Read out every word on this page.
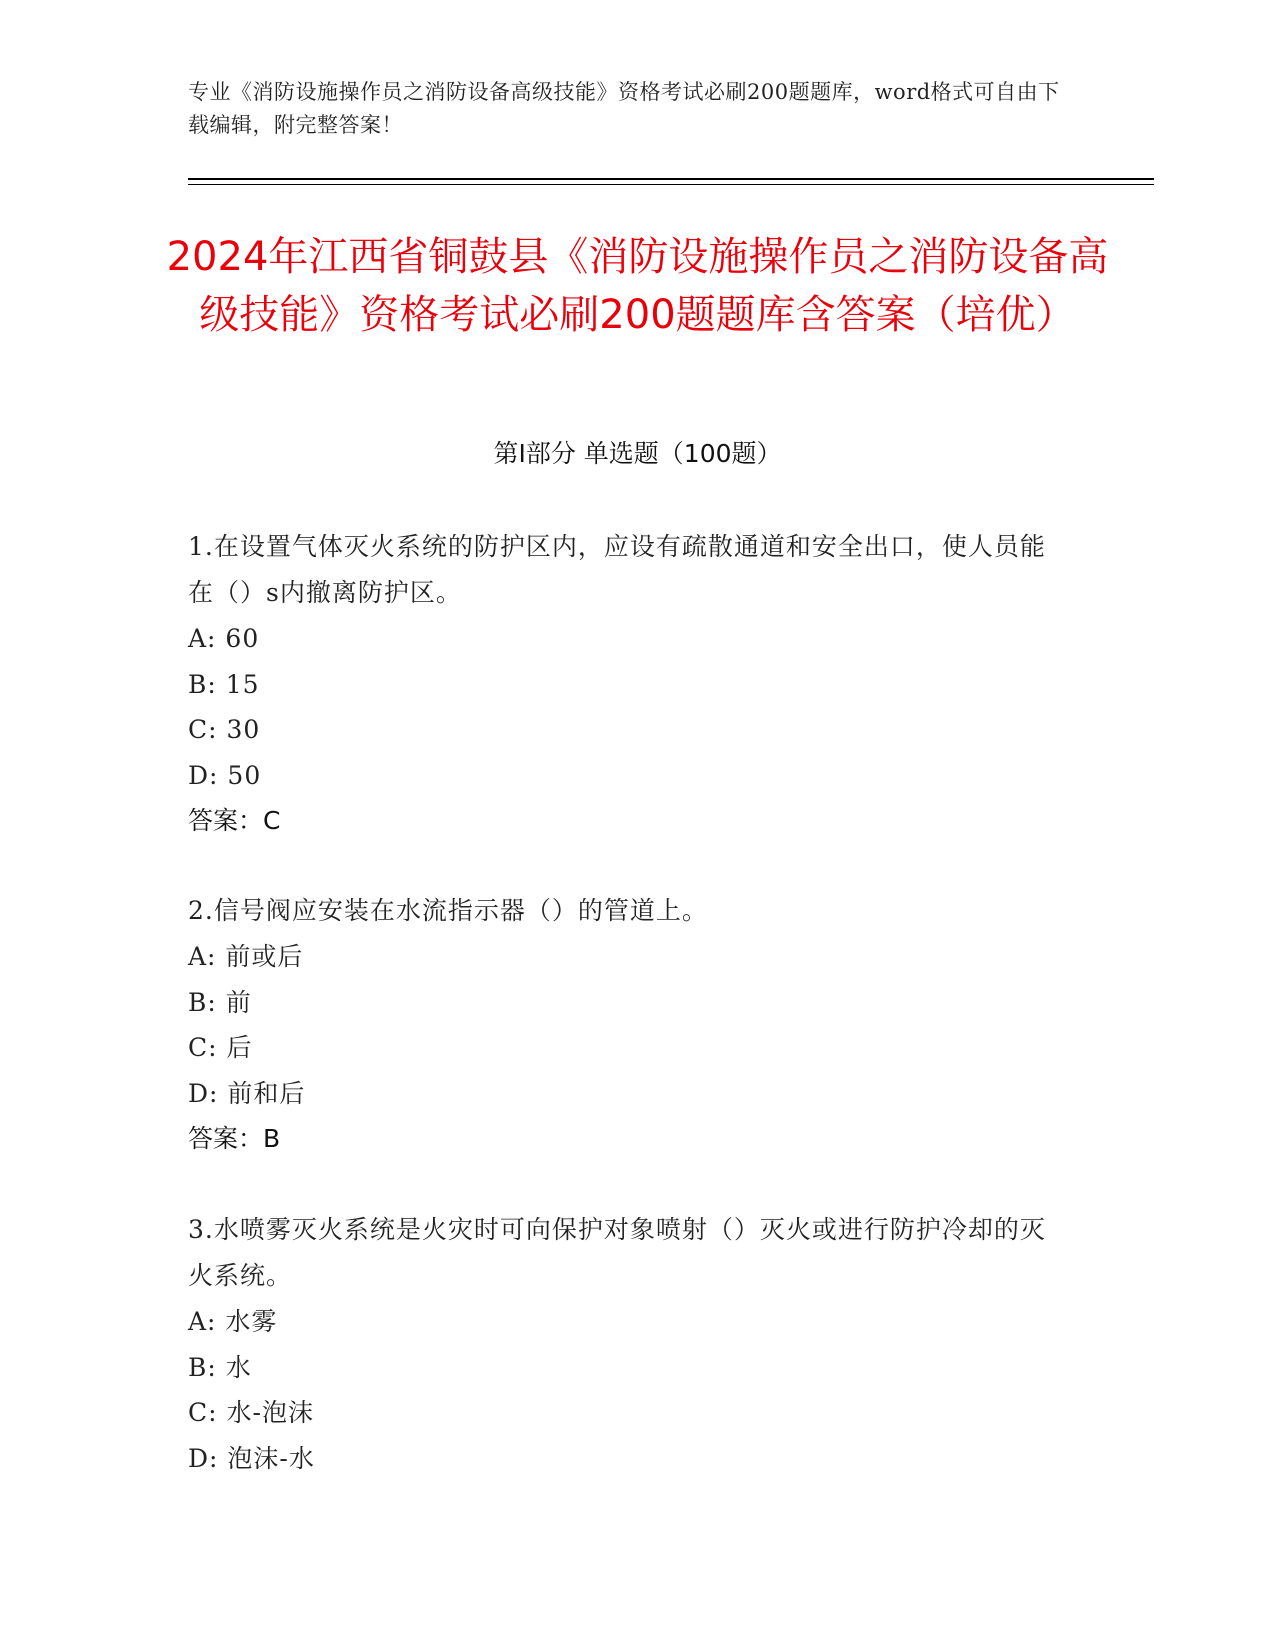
专业《消防设施操作员之消防设备高级技能》资格考试必刷200题题库，word格式可自由下载编辑，附完整答案！
2024年江西省铜鼓县《消防设施操作员之消防设备高级技能》资格考试必刷200题题库含答案（培优）
第Ⅰ部分 单选题（100题）
1.在设置气体灭火系统的防护区内，应设有疏散通道和安全出口，使人员能在（）s内撤离防护区。
A: 60
B: 15
C: 30
D: 50
答案：C
2.信号阀应安装在水流指示器（）的管道上。
A: 前或后
B: 前
C: 后
D: 前和后
答案：B
3.水喷雾灭火系统是火灾时可向保护对象喷射（）灭火或进行防护冷却的灭火系统。
A: 水雾
B: 水
C: 水-泡沫
D: 泡沫-水
